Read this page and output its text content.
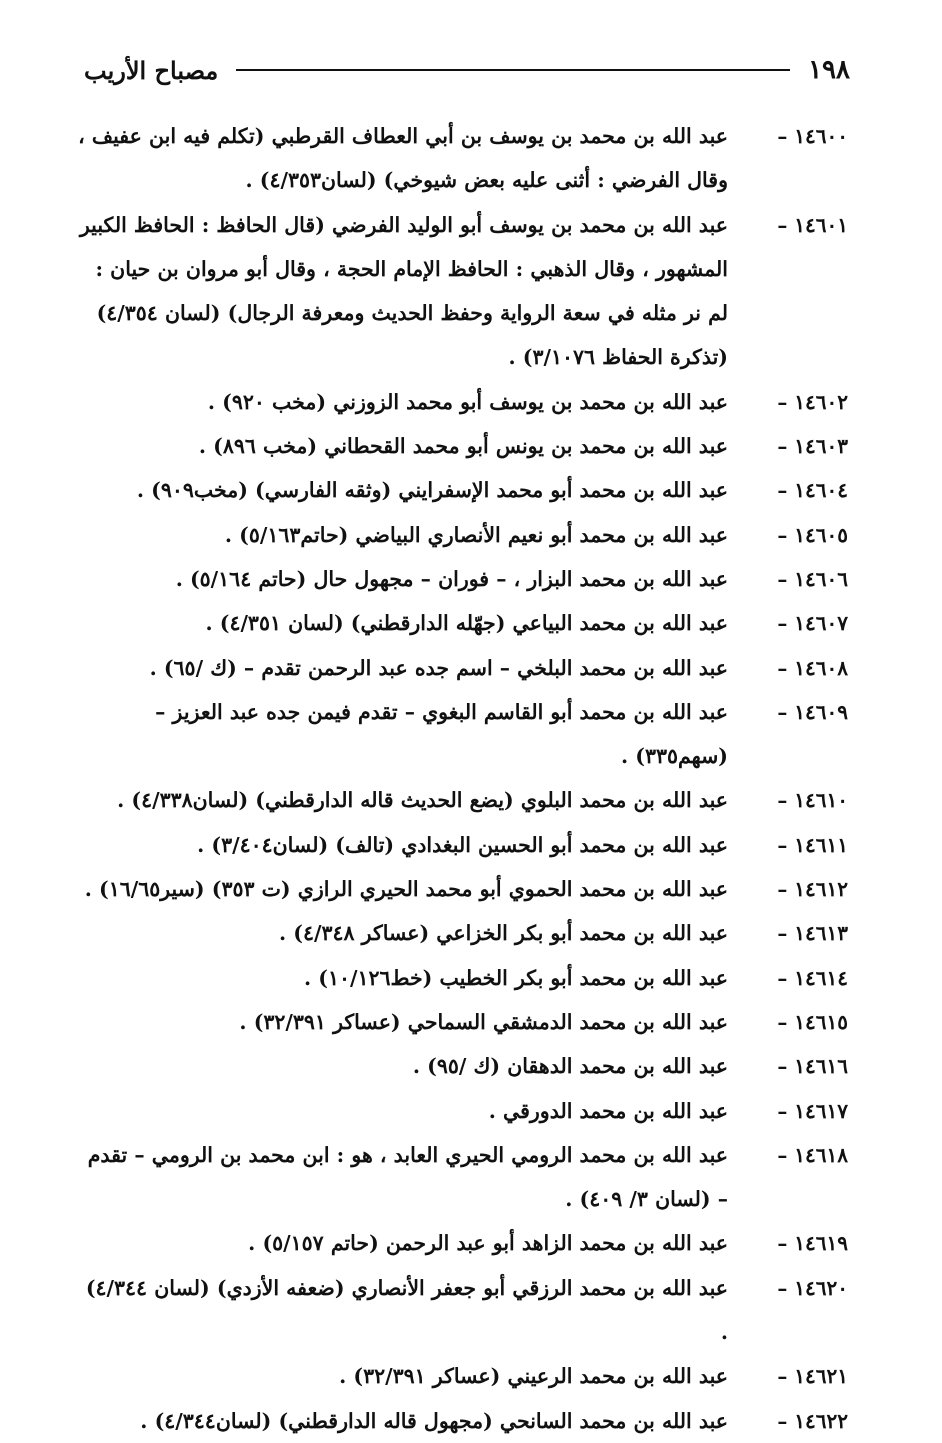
١٩٨
مصباح الأريب

١٤٦٠٠ –عبد الله بن محمد بن يوسف بن أبي العطاف القرطبي (تكلم فيه ابن عفيف ، وقال الفرضي : أثنى عليه بعض شيوخي) (لسان٤/٣٥٣) .

١٤٦٠١ –عبد الله بن محمد بن يوسف أبو الوليد الفرضي (قال الحافظ : الحافظ الكبير المشهور ، وقال الذهبي : الحافظ الإمام الحجة ، وقال أبو مروان بن حيان : لم نر مثله في سعة الرواية وحفظ الحديث ومعرفة الرجال) (لسان ٤/٣٥٤) (تذكرة الحفاظ ٣/١٠٧٦) .

١٤٦٠٢ –عبد الله بن محمد بن يوسف أبو محمد الزوزني (مخب ٩٢٠) .

١٤٦٠٣ –عبد الله بن محمد بن يونس أبو محمد القحطاني (مخب ٨٩٦) .

١٤٦٠٤ –عبد الله بن محمد أبو محمد الإسفرايني (وثقه الفارسي) (مخب٩٠٩) .

١٤٦٠٥ –عبد الله بن محمد أبو نعيم الأنصاري البياضي (حاتم٥/١٦٣) .

١٤٦٠٦ –عبد الله بن محمد البزار ، – فوران – مجهول حال (حاتم ٥/١٦٤) .

١٤٦٠٧ –عبد الله بن محمد البياعي (جهّله الدارقطني) (لسان ٤/٣٥١) .

١٤٦٠٨ –عبد الله بن محمد البلخي – اسم جده عبد الرحمن تقدم – (ك /٦٥) .

١٤٦٠٩ –عبد الله بن محمد أبو القاسم البغوي – تقدم فيمن جده عبد العزيز – (سهم٣٣٥) .

١٤٦١٠ –عبد الله بن محمد البلوي (يضع الحديث قاله الدارقطني) (لسان٤/٣٣٨) .

١٤٦١١ –عبد الله بن محمد أبو الحسين البغدادي (تالف) (لسان٣/٤٠٤) .

١٤٦١٢ –عبد الله بن محمد الحموي أبو محمد الحيري الرازي (ت ٣٥٣) (سير١٦/٦٥) .

١٤٦١٣ –عبد الله بن محمد أبو بكر الخزاعي (عساكر ٤/٣٤٨) .

١٤٦١٤ –عبد الله بن محمد أبو بكر الخطيب (خط١٠/١٢٦) .

١٤٦١٥ –عبد الله بن محمد الدمشقي السماحي (عساكر ٣٢/٣٩١) .

١٤٦١٦ –عبد الله بن محمد الدهقان (ك /٩٥) .

١٤٦١٧ –عبد الله بن محمد الدورقي .

١٤٦١٨ –عبد الله بن محمد الرومي الحيري العابد ، هو : ابن محمد بن الرومي – تقدم – (لسان ٣/ ٤٠٩) .

١٤٦١٩ –عبد الله بن محمد الزاهد أبو عبد الرحمن (حاتم ٥/١٥٧) .

١٤٦٢٠ –عبد الله بن محمد الرزقي أبو جعفر الأنصاري (ضعفه الأزدي) (لسان ٤/٣٤٤) .

١٤٦٢١ –عبد الله بن محمد الرعيني (عساكر ٣٢/٣٩١) .

١٤٦٢٢ –عبد الله بن محمد السانحي (مجهول قاله الدارقطني) (لسان٤/٣٤٤) .
